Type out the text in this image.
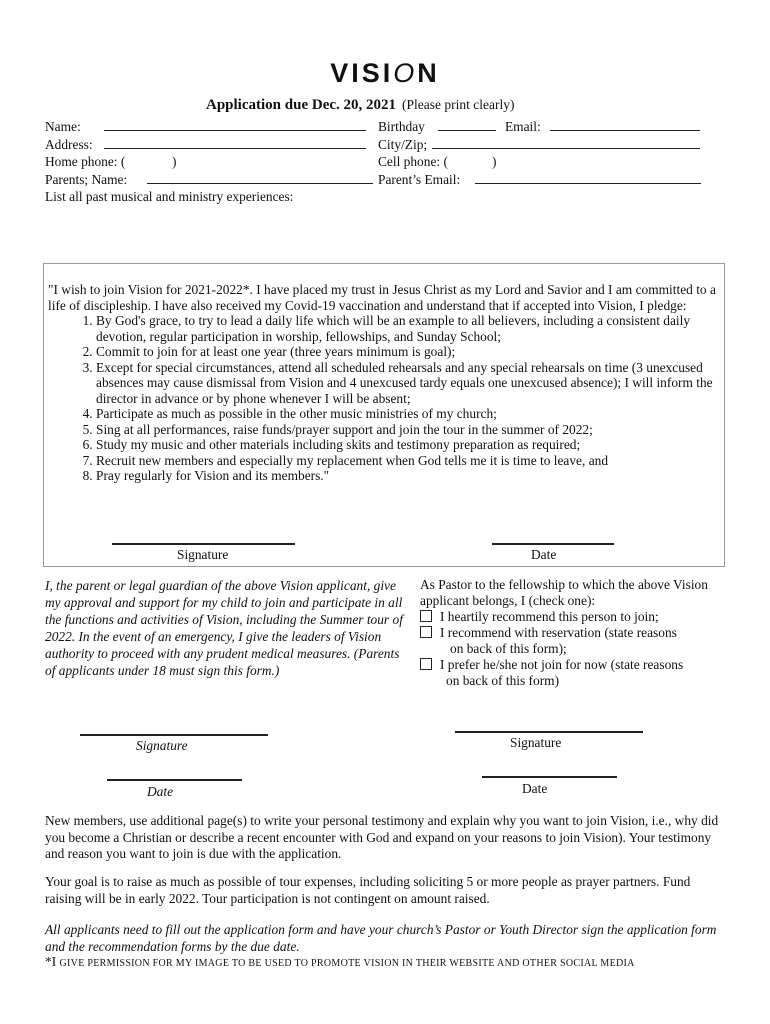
VISION
Application due Dec. 20, 2021 (Please print clearly)
Name:	Birthday	Email:
Address:	City/Zip;
Home phone: (	)	Cell phone: (	)
Parents; Name:	Parent’s Email:
List all past musical and ministry experiences:
"I wish to join Vision for 2021-2022*. I have placed my trust in Jesus Christ as my Lord and Savior and I am committed to a life of discipleship. I have also received my Covid-19 vaccination and understand that if accepted into Vision, I pledge:
1. By God's grace, to try to lead a daily life which will be an example to all believers, including a consistent daily devotion, regular participation in worship, fellowships, and Sunday School;
2. Commit to join for at least one year (three years minimum is goal);
3. Except for special circumstances, attend all scheduled rehearsals and any special rehearsals on time (3 unexcused absences may cause dismissal from Vision and 4 unexcused tardy equals one unexcused absence); I will inform the director in advance or by phone whenever I will be absent;
4. Participate as much as possible in the other music ministries of my church;
5. Sing at all performances, raise funds/prayer support and join the tour in the summer of 2022;
6. Study my music and other materials including skits and testimony preparation as required;
7. Recruit new members and especially my replacement when God tells me it is time to leave, and
8. Pray regularly for Vision and its members."
Signature	Date
I, the parent or legal guardian of the above Vision applicant, give my approval and support for my child to join and participate in all the functions and activities of Vision, including the Summer tour of 2022. In the event of an emergency, I give the leaders of Vision authority to proceed with any prudent medical measures. (Parents of applicants under 18 must sign this form.)
Signature
Date
As Pastor to the fellowship to which the above Vision applicant belongs, I (check one):
I heartily recommend this person to join;
I recommend with reservation (state reasons
on back of this form);
I prefer he/she not join for now (state reasons
on back of this form)
Signature
Date
New members, use additional page(s) to write your personal testimony and explain why you want to join Vision, i.e., why did you become a Christian or describe a recent encounter with God and expand on your reasons to join Vision). Your testimony and reason you want to join is due with the application.
Your goal is to raise as much as possible of tour expenses, including soliciting 5 or more people as prayer partners. Fund raising will be in early 2022. Tour participation is not contingent on amount raised.
All applicants need to fill out the application form and have your church’s Pastor or Youth Director sign the application form and the recommendation forms by the due date.
*I GIVE PERMISSION FOR MY IMAGE TO BE USED TO PROMOTE VISION IN THEIR WEBSITE AND OTHER SOCIAL MEDIA
